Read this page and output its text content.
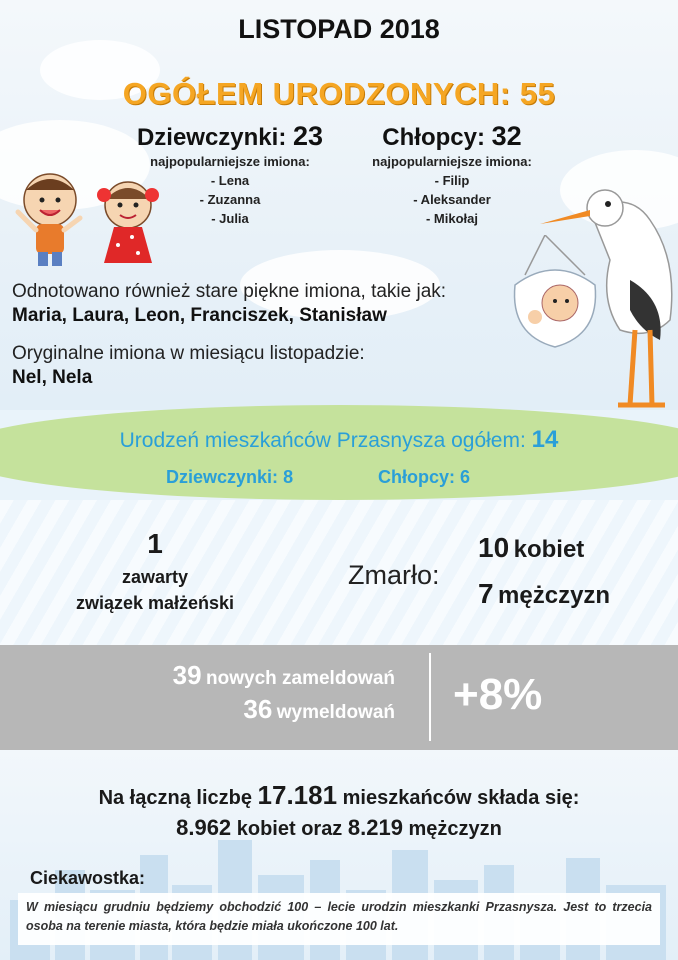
LISTOPAD 2018
OGÓŁEM URODZONYCH: 55
Dziewczynki: 23
najpopularniejsze imiona:
- Lena
- Zuzanna
- Julia
Chłopcy: 32
najpopularniejsze imiona:
- Filip
- Aleksander
- Mikołaj
Odnotowano również stare piękne imiona, takie jak:
Maria, Laura, Leon, Franciszek, Stanisław
Oryginalne imiona w miesiącu listopadzie:
Nel, Nela
Urodzeń mieszkańców Przasnysza ogółem: 14
Dziewczynki: 8	Chłopcy: 6
1
zawarty
związek małżeński
Zmarło:
10 kobiet
7 mężczyzn
39 nowych zameldowań
36 wymeldowań +8%
Na łączną liczbę 17.181 mieszkańców składa się:
8.962 kobiet oraz 8.219 mężczyzn
Ciekawostka:
W miesiącu grudniu będziemy obchodzić 100 – lecie urodzin mieszkanki Przasnysza. Jest to trzecia osoba na terenie miasta, która będzie miała ukończone 100 lat.
